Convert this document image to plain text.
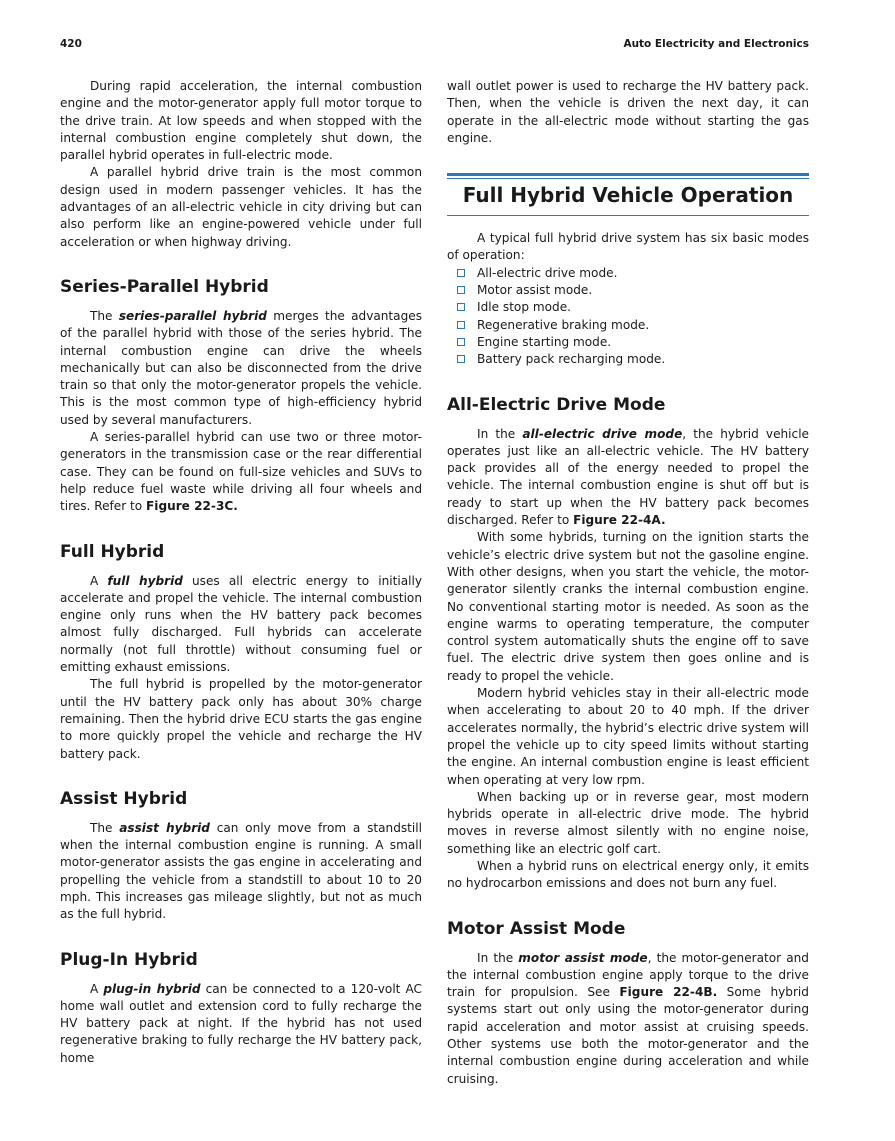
420	Auto Electricity and Electronics

During rapid acceleration, the internal combustion engine and the motor-generator apply full motor torque to the drive train. At low speeds and when stopped with the internal combustion engine completely shut down, the parallel hybrid operates in full-electric mode.

A parallel hybrid drive train is the most common design used in modern passenger vehicles. It has the advantages of an all-electric vehicle in city driving but can also perform like an engine-powered vehicle under full acceleration or when highway driving.

Series-Parallel Hybrid

The series-parallel hybrid merges the advantages of the parallel hybrid with those of the series hybrid. The internal combustion engine can drive the wheels mechanically but can also be disconnected from the drive train so that only the motor-generator propels the vehicle. This is the most common type of high-efficiency hybrid used by several manufacturers.

A series-parallel hybrid can use two or three motor-generators in the transmission case or the rear differential case. They can be found on full-size vehicles and SUVs to help reduce fuel waste while driving all four wheels and tires. Refer to Figure 22-3C.

Full Hybrid

A full hybrid uses all electric energy to initially accelerate and propel the vehicle. The internal combustion engine only runs when the HV battery pack becomes almost fully discharged. Full hybrids can accelerate normally (not full throttle) without consuming fuel or emitting exhaust emissions.

The full hybrid is propelled by the motor-generator until the HV battery pack only has about 30% charge remaining. Then the hybrid drive ECU starts the gas engine to more quickly propel the vehicle and recharge the HV battery pack.

Assist Hybrid

The assist hybrid can only move from a standstill when the internal combustion engine is running. A small motor-generator assists the gas engine in accelerating and propelling the vehicle from a standstill to about 10 to 20 mph. This increases gas mileage slightly, but not as much as the full hybrid.

Plug-In Hybrid

A plug-in hybrid can be connected to a 120-volt AC home wall outlet and extension cord to fully recharge the HV battery pack at night. If the hybrid has not used regenerative braking to fully recharge the HV battery pack, home

wall outlet power is used to recharge the HV battery pack. Then, when the vehicle is driven the next day, it can operate in the all-electric mode without starting the gas engine.

Full Hybrid Vehicle Operation

A typical full hybrid drive system has six basic modes of operation:

All-electric drive mode.
Motor assist mode.
Idle stop mode.
Regenerative braking mode.
Engine starting mode.
Battery pack recharging mode.
All-Electric Drive Mode

In the all-electric drive mode, the hybrid vehicle operates just like an all-electric vehicle. The HV battery pack provides all of the energy needed to propel the vehicle. The internal combustion engine is shut off but is ready to start up when the HV battery pack becomes discharged. Refer to Figure 22-4A.

With some hybrids, turning on the ignition starts the vehicle’s electric drive system but not the gasoline engine. With other designs, when you start the vehicle, the motor-generator silently cranks the internal combustion engine. No conventional starting motor is needed. As soon as the engine warms to operating temperature, the computer control system automatically shuts the engine off to save fuel. The electric drive system then goes online and is ready to propel the vehicle.

Modern hybrid vehicles stay in their all-electric mode when accelerating to about 20 to 40 mph. If the driver accelerates normally, the hybrid’s electric drive system will propel the vehicle up to city speed limits without starting the engine. An internal combustion engine is least efficient when operating at very low rpm.

When backing up or in reverse gear, most modern hybrids operate in all-electric drive mode. The hybrid moves in reverse almost silently with no engine noise, something like an electric golf cart.

When a hybrid runs on electrical energy only, it emits no hydrocarbon emissions and does not burn any fuel.

Motor Assist Mode

In the motor assist mode, the motor-generator and the internal combustion engine apply torque to the drive train for propulsion. See Figure 22-4B. Some hybrid systems start out only using the motor-generator during rapid acceleration and motor assist at cruising speeds. Other systems use both the motor-generator and the internal combustion engine during acceleration and while cruising.
